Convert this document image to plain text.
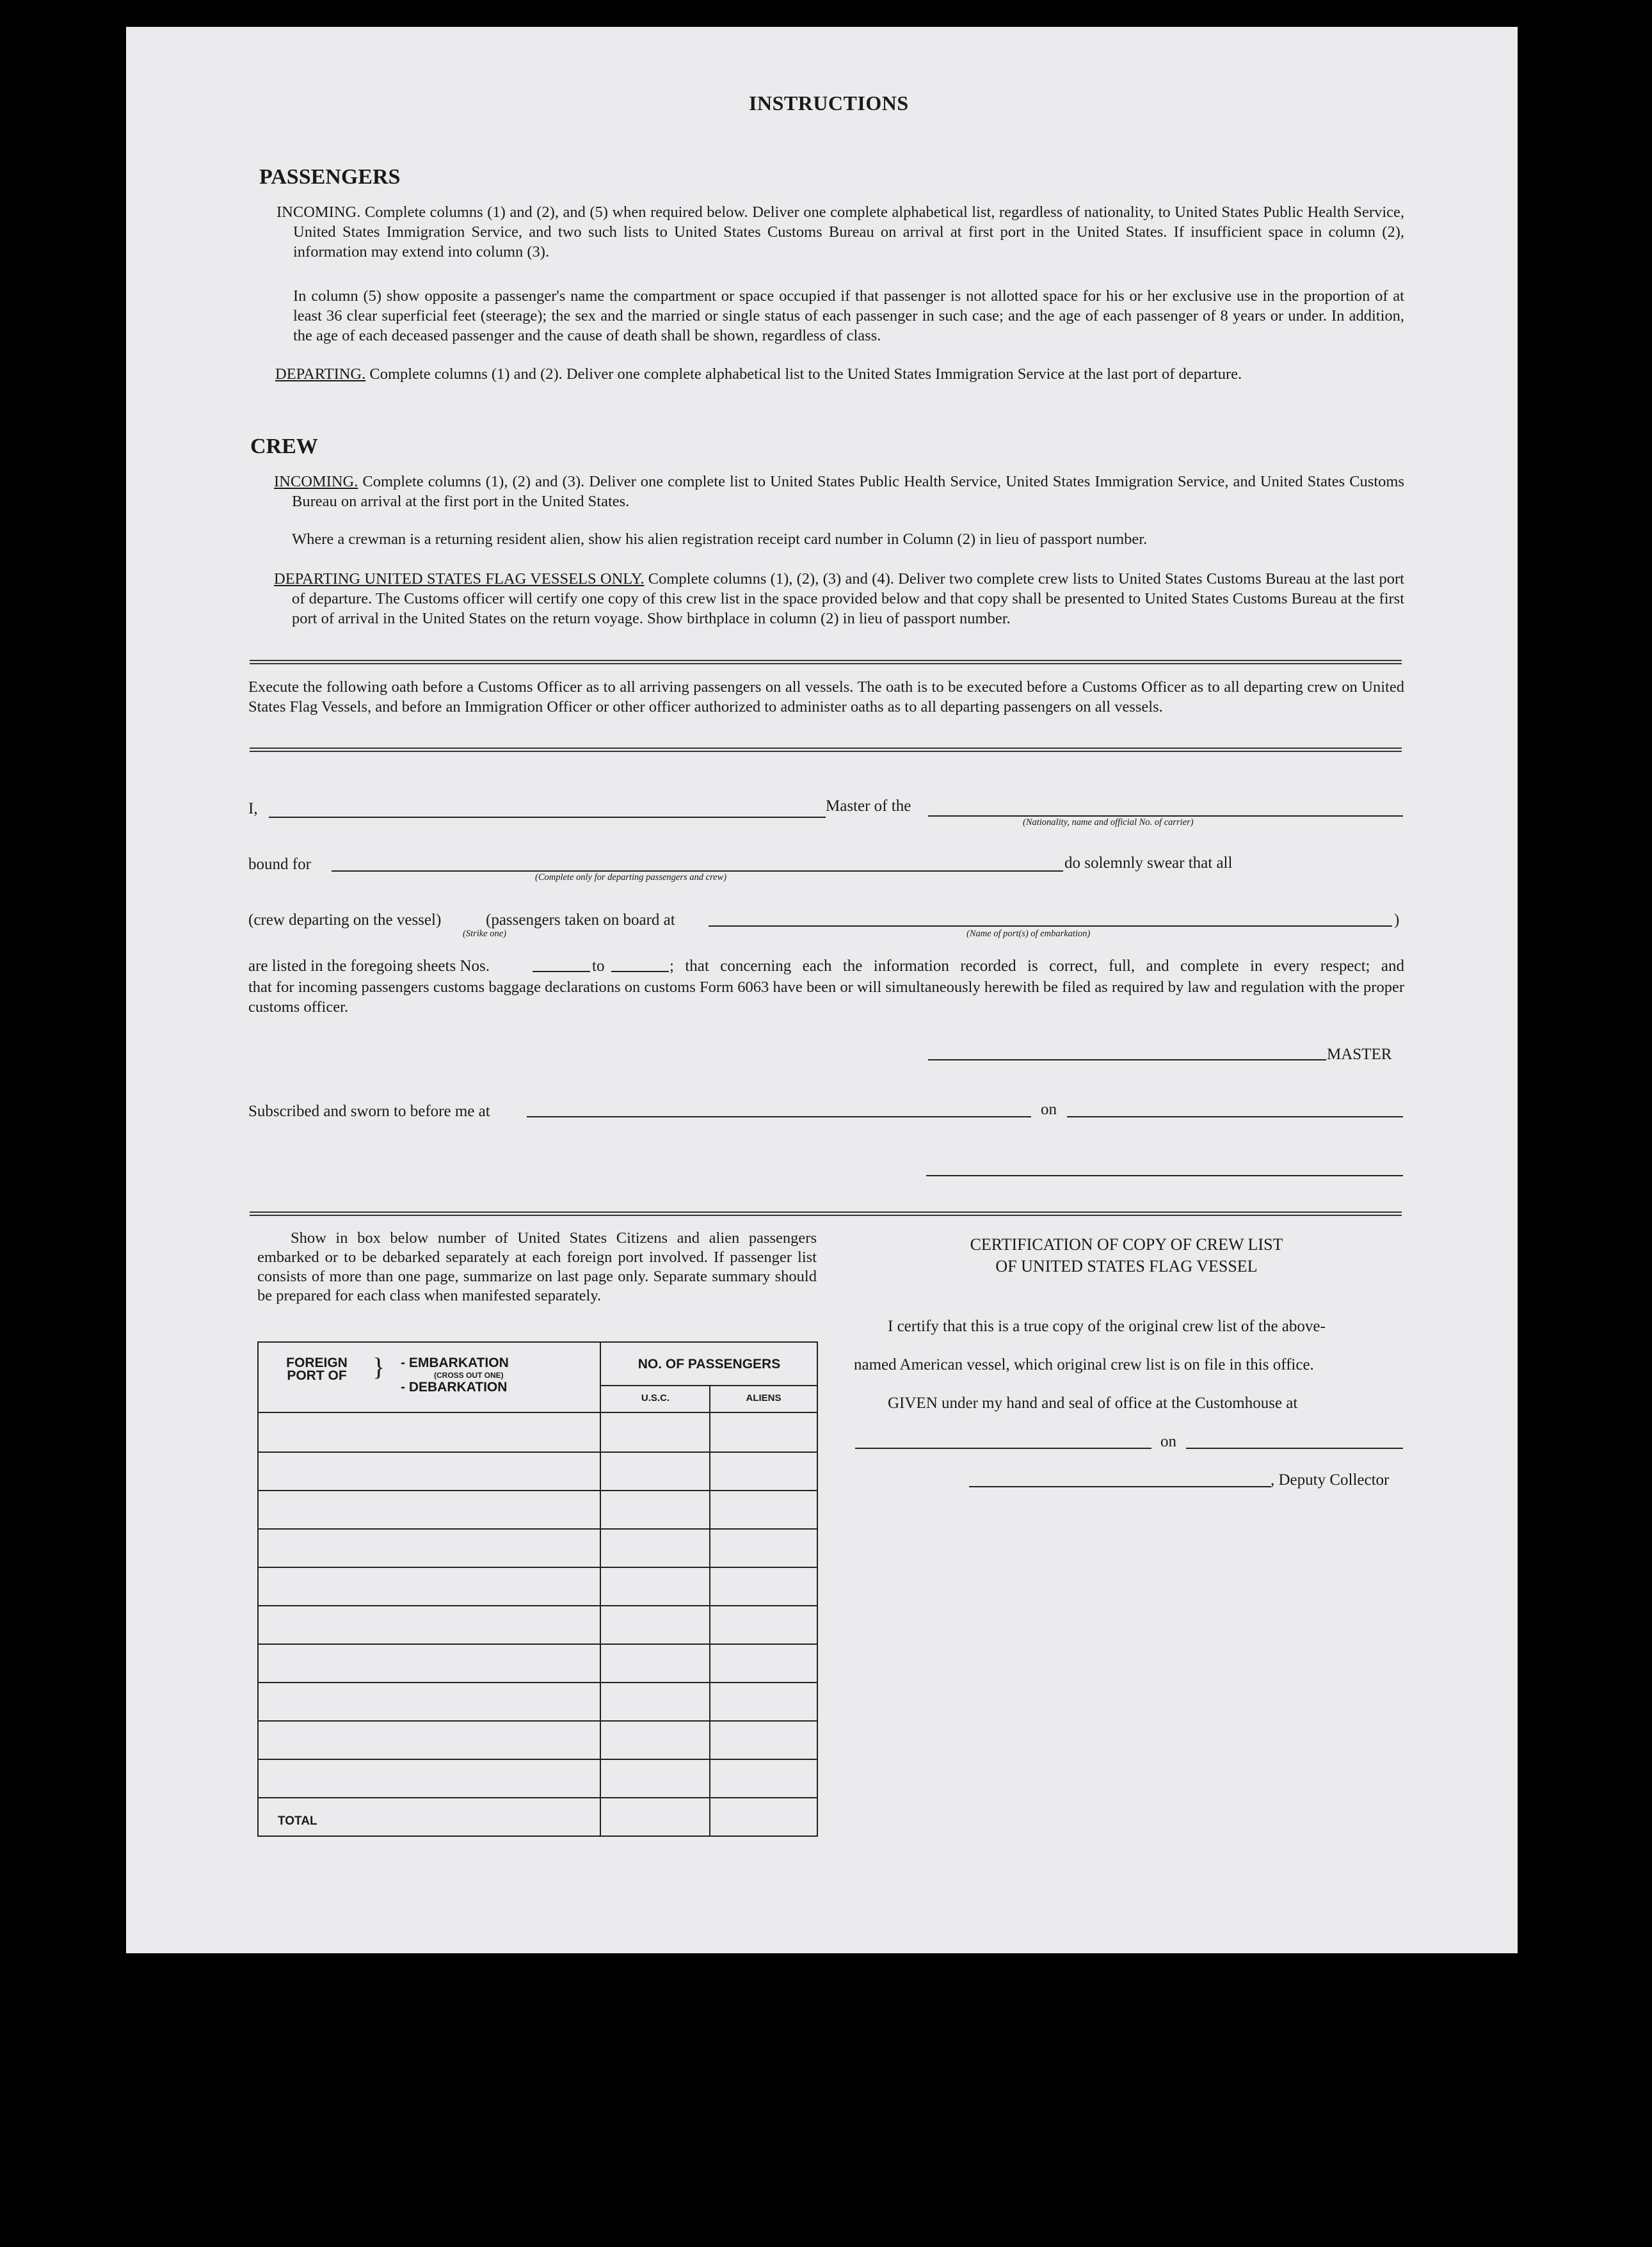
INSTRUCTIONS
PASSENGERS
INCOMING. Complete columns (1) and (2), and (5) when required below. Deliver one complete alphabetical list, regardless of nationality, to United States Public Health Service, United States Immigration Service, and two such lists to United States Customs Bureau on arrival at first port in the United States. If insufficient space in column (2), information may extend into column (3).
In column (5) show opposite a passenger's name the compartment or space occupied if that passenger is not allotted space for his or her exclusive use in the proportion of at least 36 clear superficial feet (steerage); the sex and the married or single status of each passenger in such case; and the age of each passenger of 8 years or under. In addition, the age of each deceased passenger and the cause of death shall be shown, regardless of class.
DEPARTING. Complete columns (1) and (2). Deliver one complete alphabetical list to the United States Immigration Service at the last port of departure.
CREW
INCOMING. Complete columns (1), (2) and (3). Deliver one complete list to United States Public Health Service, United States Immigration Service, and United States Customs Bureau on arrival at the first port in the United States.
Where a crewman is a returning resident alien, show his alien registration receipt card number in Column (2) in lieu of passport number.
DEPARTING UNITED STATES FLAG VESSELS ONLY. Complete columns (1), (2), (3) and (4). Deliver two complete crew lists to United States Customs Bureau at the last port of departure. The Customs officer will certify one copy of this crew list in the space provided below and that copy shall be presented to United States Customs Bureau at the first port of arrival in the United States on the return voyage. Show birthplace in column (2) in lieu of passport number.
Execute the following oath before a Customs Officer as to all arriving passengers on all vessels. The oath is to be executed before a Customs Officer as to all departing crew on United States Flag Vessels, and before an Immigration Officer or other officer authorized to administer oaths as to all departing passengers on all vessels.
I,	Master of the
(Nationality, name and official No. of carrier)
bound for
(Complete only for departing passengers and crew)
do solemnly swear that all
(crew departing on the vessel)	(passengers taken on board at
(Strike one)	(Name of port(s) of embarkation)
)
are listed in the foregoing sheets Nos.	to	; that concerning each the information recorded is correct, full, and complete in every respect; and
that for incoming passengers customs baggage declarations on customs Form 6063 have been or will simultaneously herewith be filed as required by law and regulation with the proper customs officer.
MASTER
Subscribed and sworn to before me at	on
Show in box below number of United States Citizens and alien passengers embarked or to be debarked separately at each foreign port involved. If passenger list consists of more than one page, summarize on last page only. Separate summary should be prepared for each class when manifested separately.
FOREIGN PORT OF	} - EMBARKATION
(CROSS OUT ONE)
- DEBARKATION
NO. OF PASSENGERS
U.S.C.	ALIENS
TOTAL
CERTIFICATION OF COPY OF CREW LIST
OF UNITED STATES FLAG VESSEL
I certify that this is a true copy of the original crew list of the above-
named American vessel, which original crew list is on file in this office.
GIVEN under my hand and seal of office at the Customhouse at
on
, Deputy Collector
